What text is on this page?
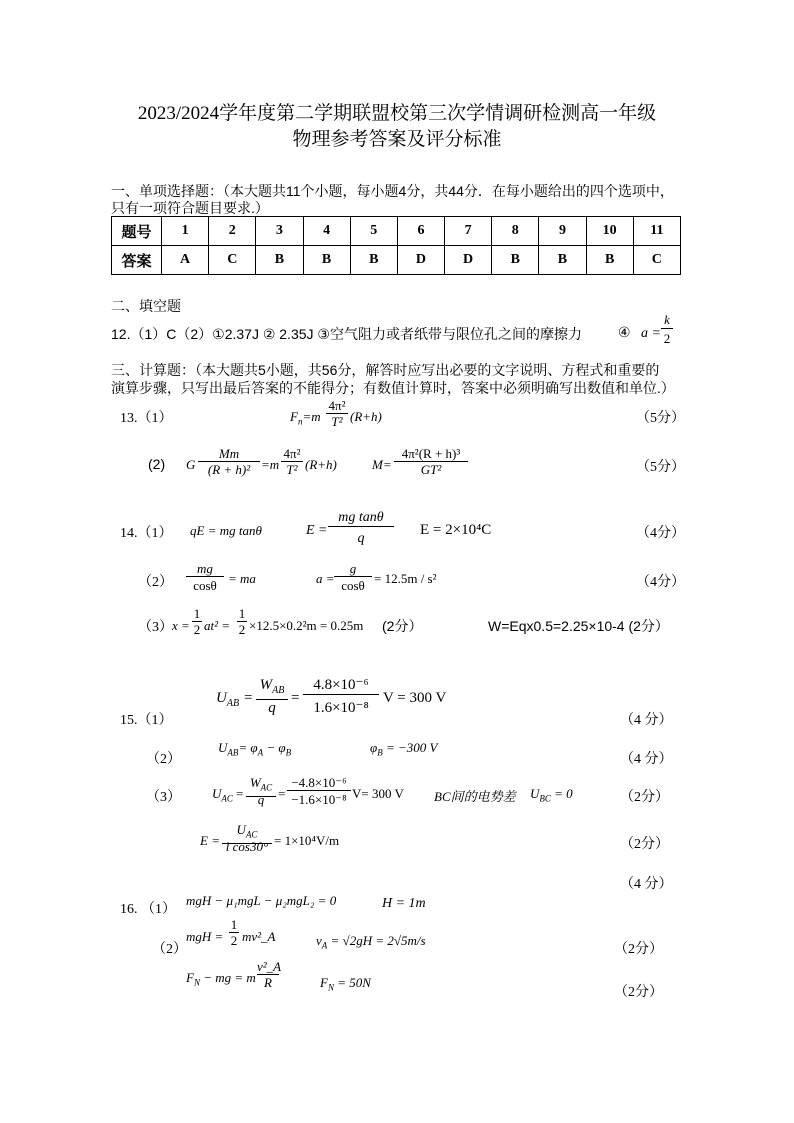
2023/2024学年度第二学期联盟校第三次学情调研检测高一年级
物理参考答案及评分标准
一、单项选择题：（本大题共11个小题，每小题4分，共44分．在每小题给出的四个选项中，
只有一项符合题目要求.）
题号	1	2	3	4	5	6	7	8	9	10	11
答案	A	C	B	B	B	D	D	B	B	B	C
二、填空题
12.（1）C（2）①2.37J ② 2.35J ③空气阻力或者纸带与限位孔之间的摩擦力	④ a =
k
2
三、计算题：（本大题共5小题，共56分，解答时应写出必要的文字说明、方程式和重要的
演算步骤，只写出最后答案的不能得分；有数值计算时，答案中必须明确写出数值和单位.）
13.（1）	$F_n=m$
4π²
T² (R+h)	（5分）
(2) G
Mm
(R + h)² =m
4π²
T² (R+h)	M=
4π²(R + h)³
GT²	（5分）
14.（1） qE = mg tanθ	E =
mg tanθ
q
E = 2×10⁴C	（4分）
（2）
mg
cosθ = ma	a =
g
cosθ = 12.5m / s²	（4分）
（3） x =
1
2 at² =
1
2 ×12.5×0.2²m = 0.25m (2分）	W=Eqx0.5=2.25×10-4 (2分）
$U_{AB}$ =
$W_{AB}$
q
=
4.8×10⁻⁶
1.6×10⁻⁸
V = 300 V
15.（1）	（4 分）
（2）
$U_{AB}= \varphi_A - \varphi_B$	$\varphi_B = -300$ V
（4 分）
（3） $U_{AC}$ =
$W_{AC}$
q	=
−4.8×10⁻⁶
−1.6×10⁻⁸ V= 300 V BC间的电势差 $U_{BC} = 0$	（2分）
E =
$U_{AC}$
l cos30° = 1×10⁴V/m	（2分）
（4 分）
16. （1）
mgH − μ₁mgL − μ₂mgL₂ = 0	H = 1m
（2）
mgH =
1
2 mv²_A	$v_A = √2gH = 2√5m/s$
（2分）
$F_N$ − mg = m
v²_A
R	$F_N = 50N$
（2分）
